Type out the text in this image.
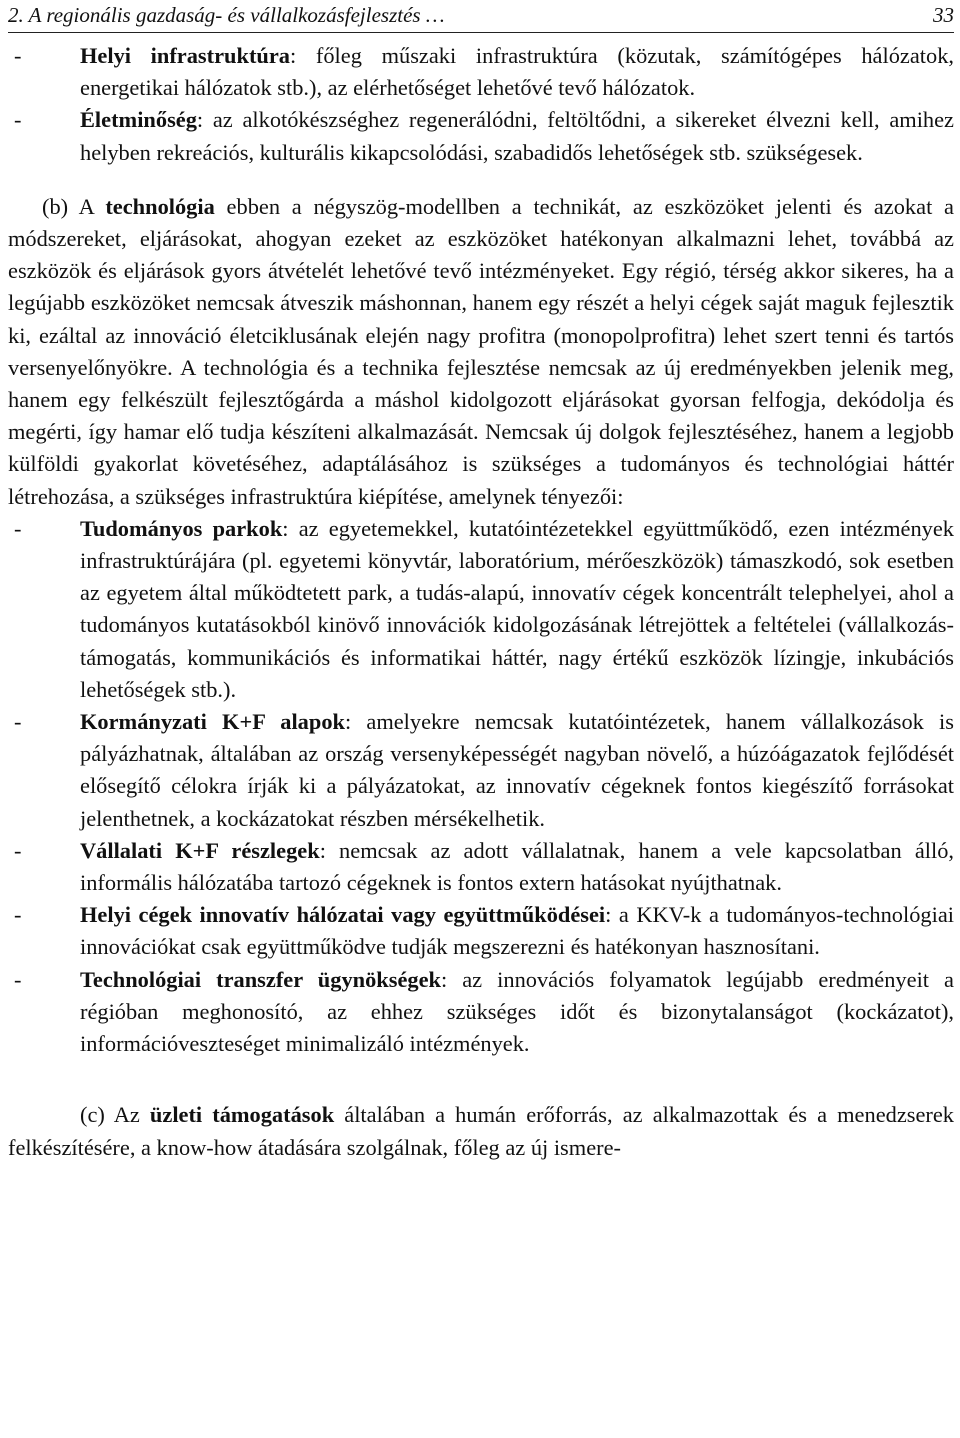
2. A regionális gazdaság- és vállalkozásfejlesztés …	33
-	Helyi infrastruktúra: főleg műszaki infrastruktúra (közutak, számítógépes hálózatok, energetikai hálózatok stb.), az elérhetőséget lehetővé tevő hálózatok.
-	Életminőség: az alkotókészséghez regenerálódni, feltöltődni, a sikereket élvezni kell, amihez helyben rekreációs, kulturális kikapcsolódási, szabadidős lehetőségek stb. szükségesek.

(b) A technológia ebben a négyszög-modellben a technikát, az eszközöket jelenti és azokat a módszereket, eljárásokat, ahogyan ezeket az eszközöket hatékonyan alkalmazni lehet, továbbá az eszközök és eljárások gyors átvételét lehetővé tevő intézményeket. Egy régió, térség akkor sikeres, ha a legújabb eszközöket nemcsak átveszik máshonnan, hanem egy részét a helyi cégek saját maguk fejlesztik ki, ezáltal az innováció életciklusának elején nagy profitra (monopolprofitra) lehet szert tenni és tartós versenyelőnyökre. A technológia és a technika fejlesztése nemcsak az új eredményekben jelenik meg, hanem egy felkészült fejlesztőgárda a máshol kidolgozott eljárásokat gyorsan felfogja, dekódolja és megérti, így hamar elő tudja készíteni alkalmazását. Nemcsak új dolgok fejlesztéséhez, hanem a legjobb külföldi gyakorlat követéséhez, adaptálásához is szükséges a tudományos és technológiai háttér létrehozása, a szükséges infrastruktúra kiépítése, amelynek tényezői:

-	Tudományos parkok: az egyetemekkel, kutatóintézetekkel együttműködő, ezen intézmények infrastruktúrájára (pl. egyetemi könyvtár, laboratórium, mérőeszközök) támaszkodó, sok esetben az egyetem által működtetett park, a tudás-alapú, innovatív cégek koncentrált telephelyei, ahol a tudományos kutatásokból kinövő innovációk kidolgozásának létrejöttek a feltételei (vállalkozástámogatás, kommunikációs és informatikai háttér, nagy értékű eszközök lízingje, inkubációs lehetőségek stb.).
-	Kormányzati K+F alapok: amelyekre nemcsak kutatóintézetek, hanem vállalkozások is pályázhatnak, általában az ország versenyképességét nagyban növelő, a húzóágazatok fejlődését elősegítő célokra írják ki a pályázatokat, az innovatív cégeknek fontos kiegészítő forrásokat jelenthetnek, a kockázatokat részben mérsékelhetik.
-	Vállalati K+F részlegek: nemcsak az adott vállalatnak, hanem a vele kapcsolatban álló, informális hálózatába tartozó cégeknek is fontos extern hatásokat nyújthatnak.
-	Helyi cégek innovatív hálózatai vagy együttműködései: a KKV-k a tudományos-technológiai innovációkat csak együttműködve tudják megszerezni és hatékonyan hasznosítani.
-	Technológiai transzfer ügynökségek: az innovációs folyamatok legújabb eredményeit a régióban meghonosító, az ehhez szükséges időt és bizonytalanságot (kockázatot), információveszteséget minimalizáló intézmények.

(c) Az üzleti támogatások általában a humán erőforrás, az alkalmazottak és a menedzserek felkészítésére, a know-how átadására szolgálnak, főleg az új ismere-
